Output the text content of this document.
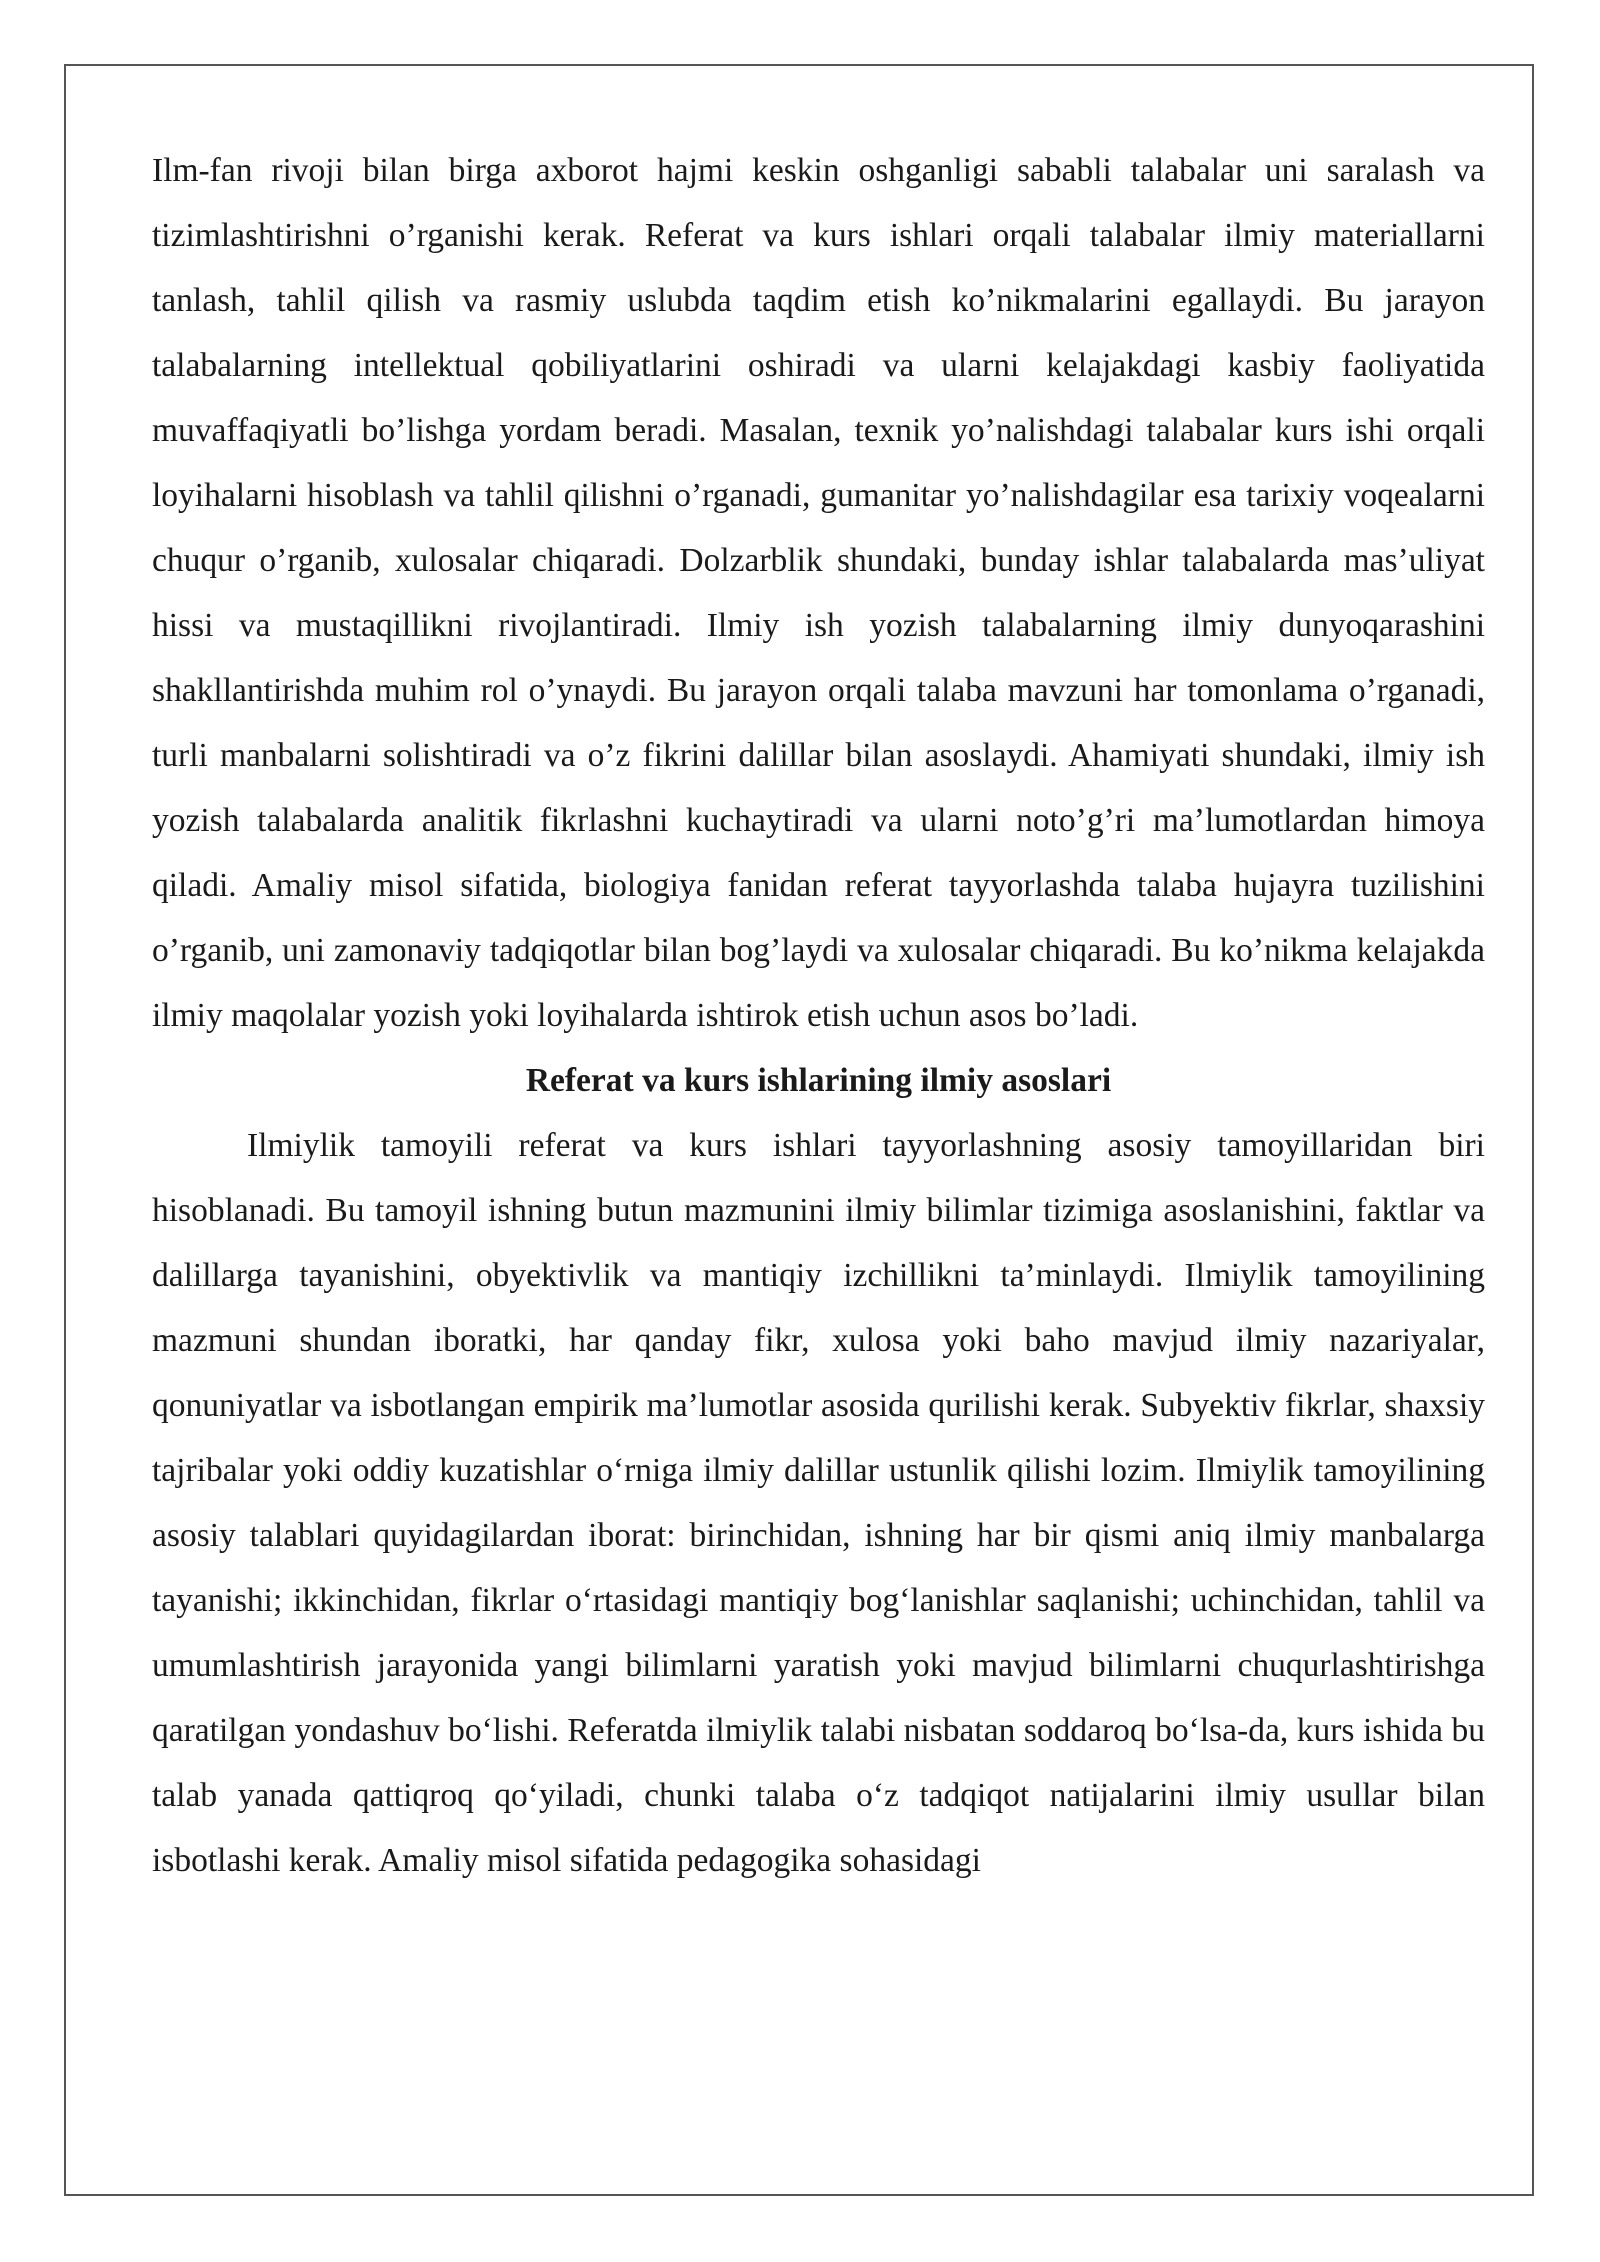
Ilm-fan rivoji bilan birga axborot hajmi keskin oshganligi sababli talabalar uni saralash va tizimlashtirishni o’rganishi kerak. Referat va kurs ishlari orqali talabalar ilmiy materiallarni tanlash, tahlil qilish va rasmiy uslubda taqdim etish ko’nikmalarini egallaydi. Bu jarayon talabalarning intellektual qobiliyatlarini oshiradi va ularni kelajakdagi kasbiy faoliyatida muvaffaqiyatli bo’lishga yordam beradi. Masalan, texnik yo’nalishdagi talabalar kurs ishi orqali loyihalarni hisoblash va tahlil qilishni o’rganadi, gumanitar yo’nalishdagilar esa tarixiy voqealarni chuqur o’rganib, xulosalar chiqaradi. Dolzarblik shundaki, bunday ishlar talabalarda mas’uliyat hissi va mustaqillikni rivojlantiradi. Ilmiy ish yozish talabalarning ilmiy dunyoqarashini shakllantirishda muhim rol o’ynaydi. Bu jarayon orqali talaba mavzuni har tomonlama o’rganadi, turli manbalarni solishtiradi va o’z fikrini dalillar bilan asoslaydi. Ahamiyati shundaki, ilmiy ish yozish talabalarda analitik fikrlashni kuchaytiradi va ularni noto’g’ri ma’lumotlardan himoya qiladi. Amaliy misol sifatida, biologiya fanidan referat tayyorlashda talaba hujayra tuzilishini o’rganib, uni zamonaviy tadqiqotlar bilan bog’laydi va xulosalar chiqaradi. Bu ko’nikma kelajakda ilmiy maqolalar yozish yoki loyihalarda ishtirok etish uchun asos bo’ladi.

Referat va kurs ishlarining ilmiy asoslari

Ilmiylik tamoyili referat va kurs ishlari tayyorlashning asosiy tamoyillaridan biri hisoblanadi. Bu tamoyil ishning butun mazmunini ilmiy bilimlar tizimiga asoslanishini, faktlar va dalillarga tayanishini, obyektivlik va mantiqiy izchillikni ta’minlaydi. Ilmiylik tamoyilining mazmuni shundan iboratki, har qanday fikr, xulosa yoki baho mavjud ilmiy nazariyalar, qonuniyatlar va isbotlangan empirik ma’lumotlar asosida qurilishi kerak. Subyektiv fikrlar, shaxsiy tajribalar yoki oddiy kuzatishlar o‘rniga ilmiy dalillar ustunlik qilishi lozim. Ilmiylik tamoyilining asosiy talablari quyidagilardan iborat: birinchidan, ishning har bir qismi aniq ilmiy manbalarga tayanishi; ikkinchidan, fikrlar o‘rtasidagi mantiqiy bog‘lanishlar saqlanishi; uchinchidan, tahlil va umumlashtirish jarayonida yangi bilimlarni yaratish yoki mavjud bilimlarni chuqurlashtirishga qaratilgan yondashuv bo‘lishi. Referatda ilmiylik talabi nisbatan soddaroq bo‘lsa-da, kurs ishida bu talab yanada qattiqroq qo‘yiladi, chunki talaba o‘z tadqiqot natijalarini ilmiy usullar bilan isbotlashi kerak. Amaliy misol sifatida pedagogika sohasidagi
